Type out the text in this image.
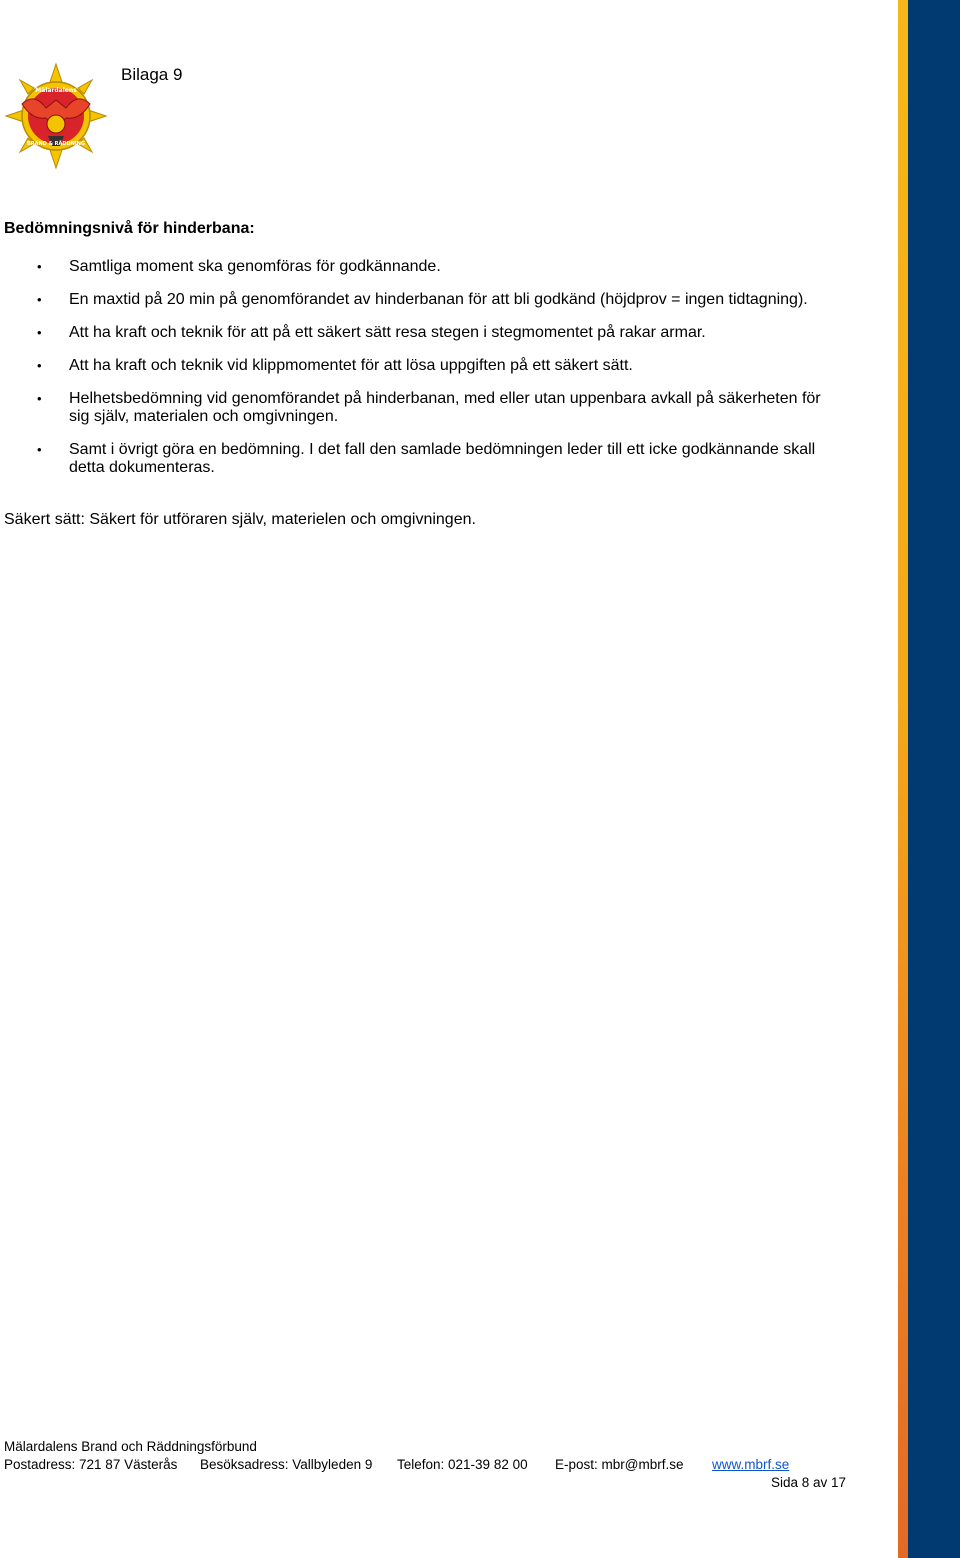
Mälardalens
BRAND & RÄDDNING
Bilaga 9
Bedömningsnivå för hinderbana:
• Samtliga moment ska genomföras för godkännande.
• En maxtid på 20 min på genomförandet av hinderbanan för att bli godkänd (höjdprov = ingen tidtagning).
• Att ha kraft och teknik för att på ett säkert sätt resa stegen i stegmomentet på rakar armar.
• Att ha kraft och teknik vid klippmomentet för att lösa uppgiften på ett säkert sätt.
• Helhetsbedömning vid genomförandet på hinderbanan, med eller utan uppenbara avkall på säkerheten för sig själv, materialen och omgivningen.
• Samt i övrigt göra en bedömning. I det fall den samlade bedömningen leder till ett icke godkännande skall detta dokumenteras.
Säkert sätt: Säkert för utföraren själv, materielen och omgivningen.
Mälardalens Brand och Räddningsförbund
Postadress: 721 87 Västerås Besöksadress: Vallbyleden 9 Telefon: 021-39 82 00 E-post: mbr@mbrf.se www.mbrf.se
Sida 8 av 17
